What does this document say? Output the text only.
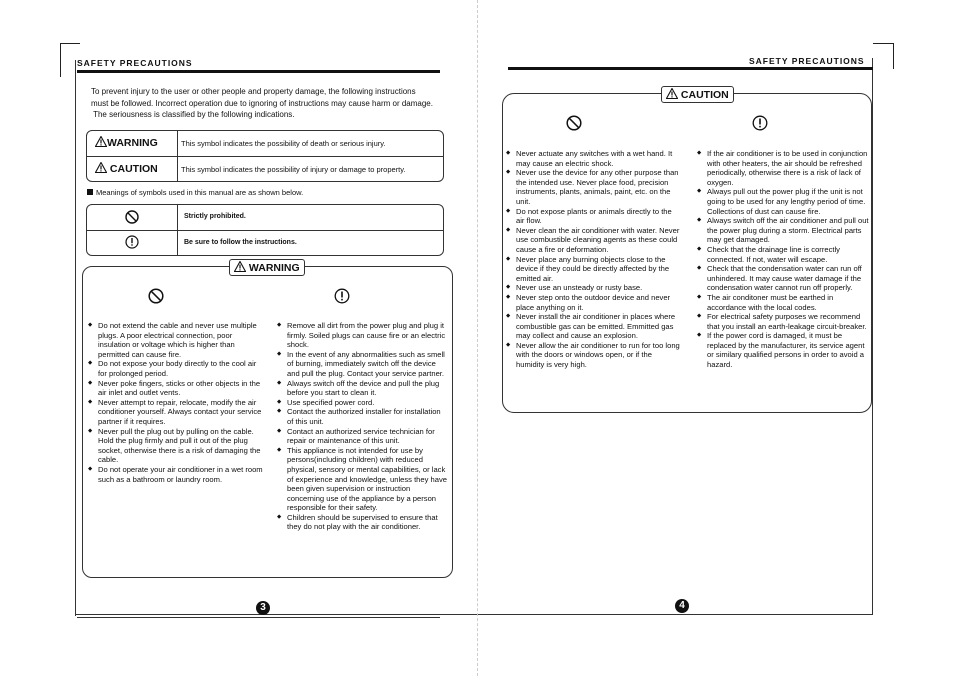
SAFETY PRECAUTIONS
To prevent injury to the user or other people and property damage, the following instructions
must be followed. Incorrect operation due to ignoring of instructions may cause harm or damage.
The seriousness is classified by the following indications.
WARNING	This symbol indicates the possibility of death or serious injury.
CAUTION	This symbol indicates the possibility of injury or damage to property.
Meanings of symbols used in this manual are as shown below.
Strictly prohibited.
Be sure to follow the instructions.
WARNING
◆ Do not extend the cable and never use multiple plugs. A poor electrical connection, poor insulation or voltage which is higher than permitted can cause fire.
◆ Do not expose your body directly to the cool air for prolonged period.
◆ Never poke fingers, sticks or other objects in the air inlet and outlet vents.
◆ Never attempt to repair, relocate, modify the air conditioner yourself. Always contact your service partner if it requires.
◆ Never pull the plug out by pulling on the cable. Hold the plug firmly and pull it out of the plug socket, otherwise there is a risk of damaging the cable.
◆ Do not operate your air conditioner in a wet room such as a bathroom or laundry room.
◆ Remove all dirt from the power plug and plug it firmly. Soiled plugs can cause fire or an electric shock.
◆ In the event of any abnormalities such as smell of burning, immediately switch off the device and pull the plug. Contact your service partner.
◆ Always switch off the device and pull the plug before you start to clean it.
◆ Use specified power cord.
◆ Contact the authorized installer for installation of this unit.
◆ Contact an authorized service technician for repair or maintenance of this unit.
◆ This appliance is not intended for use by persons(including children) with reduced physical, sensory or mental capabilities, or lack of experience and knowledge, unless they have been given supervision or instruction concerning use of the appliance by a person responsible for their safety.
◆ Children should be supervised to ensure that they do not play with the air conditioner.
3
SAFETY PRECAUTIONS
CAUTION
◆ Never actuate any switches with a wet hand. It may cause an electric shock.
◆ Never use the device for any other purpose than the intended use. Never place food, precision instruments, plants, animals, paint, etc. on the unit.
◆ Do not expose plants or animals directly to the air flow.
◆ Never clean the air conditioner with water. Never use combustible cleaning agents as these could cause a fire or deformation.
◆ Never place any burning objects close to the device if they could be directly affected by the emitted air.
◆ Never use an unsteady or rusty base.
◆ Never step onto the outdoor device and never place anything on it.
◆ Never install the air conditioner in places where combustible gas can be emitted. Emmitted gas may collect and cause an explosion.
◆ Never allow the air conditioner to run for too long with the doors or windows open, or if the humidity is very high.
◆ If the air conditioner is to be used in conjunction with other heaters, the air should be refreshed periodically, otherwise there is a risk of lack of oxygen.
◆ Always pull out the power plug if the unit is not going to be used for any lengthy period of time. Collections of dust can cause fire.
◆ Always switch off the air conditioner and pull out the power plug during a storm. Electrical parts may get damaged.
◆ Check that the drainage line is correctly connected. If not, water will escape.
◆ Check that the condensation water can run off unhindered. It may cause water damage if the condensation water cannot run off properly.
◆ The air conditoner must be earthed in accordance with the local codes.
◆ For electrical safety purposes we recommend that you install an earth-leakage circuit-breaker.
◆ If the power cord is damaged, it must be replaced by the manufacturer, its service agent or similary qualified persons in order to avoid a hazard.
4
